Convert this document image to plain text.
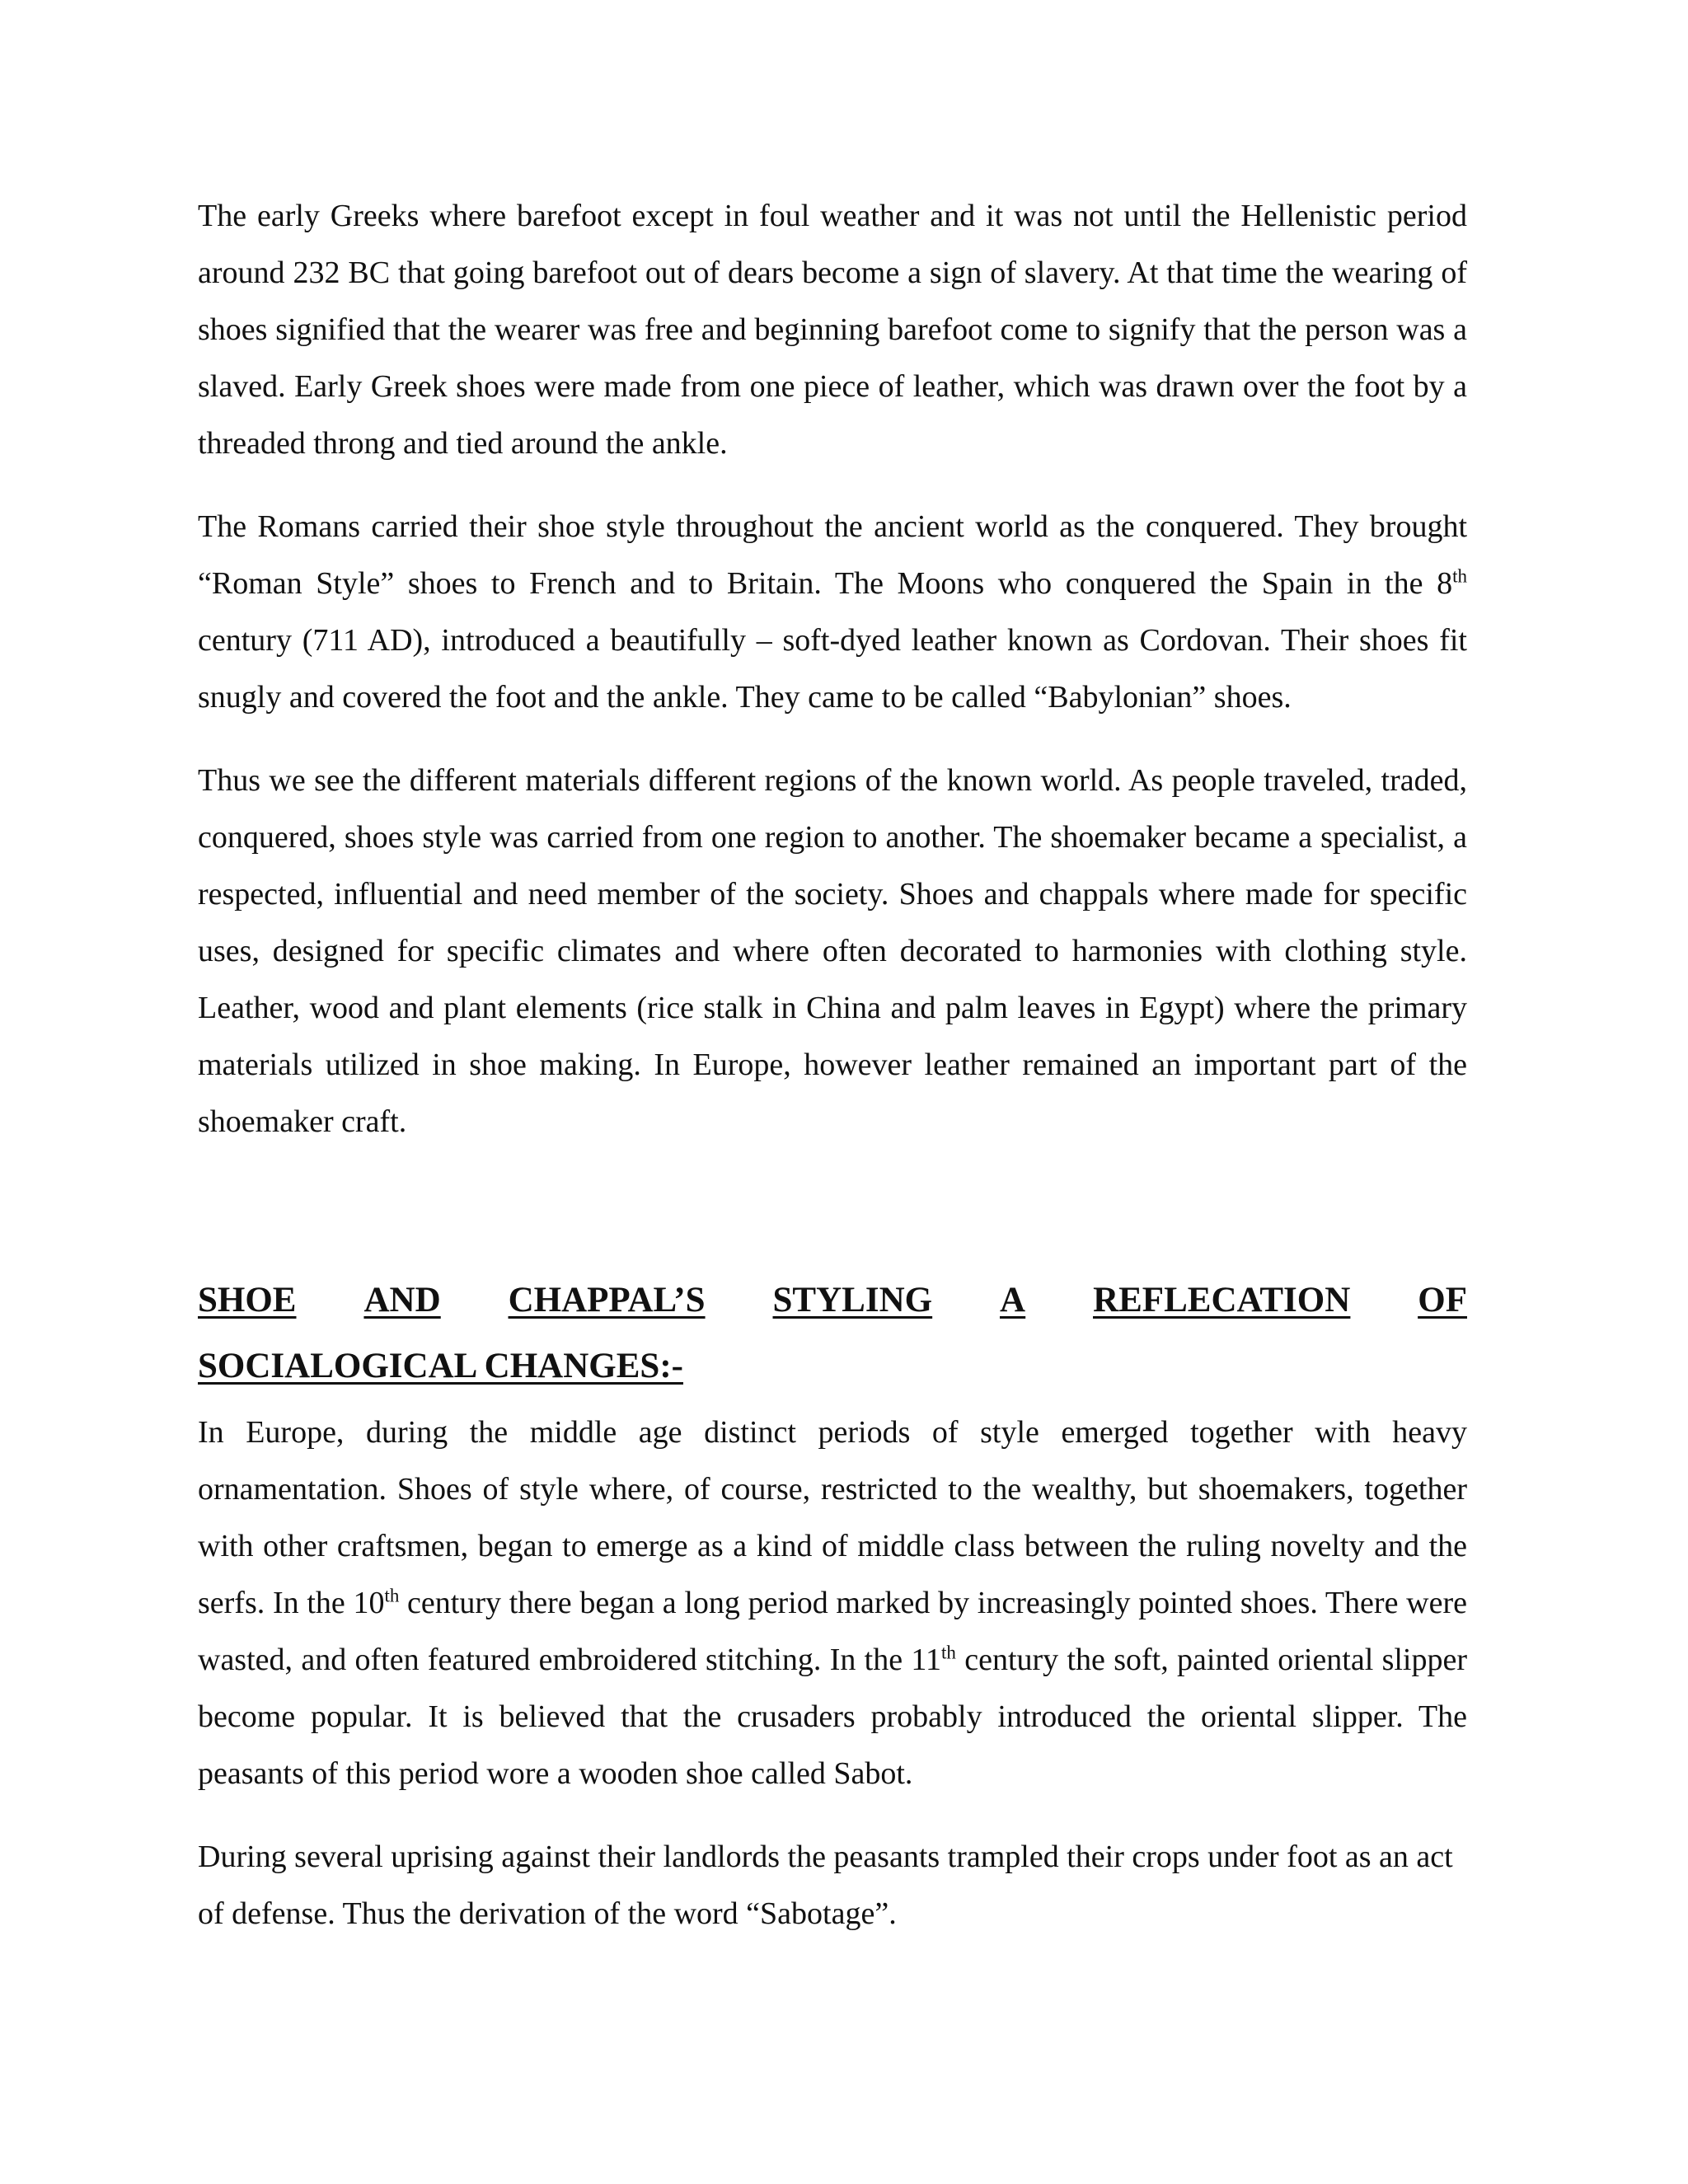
The early Greeks where barefoot except in foul weather and it was not until the Hellenistic period around 232 BC that going barefoot out of dears become a sign of slavery. At that time the wearing of shoes signified that the wearer was free and beginning barefoot come to signify that the person was a slaved. Early Greek shoes were made from one piece of leather, which was drawn over the foot by a threaded throng and tied around the ankle.

The Romans carried their shoe style throughout the ancient world as the conquered. They brought “Roman Style” shoes to French and to Britain. The Moons who conquered the Spain in the 8th century (711 AD), introduced a beautifully – soft-dyed leather known as Cordovan. Their shoes fit snugly and covered the foot and the ankle. They came to be called “Babylonian” shoes.

Thus we see the different materials different regions of the known world. As people traveled, traded, conquered, shoes style was carried from one region to another. The shoemaker became a specialist, a respected, influential and need member of the society. Shoes and chappals where made for specific uses, designed for specific climates and where often decorated to harmonies with clothing style. Leather, wood and plant elements (rice stalk in China and palm leaves in Egypt) where the primary materials utilized in shoe making. In Europe, however leather remained an important part of the shoemaker craft.

SHOE AND CHAPPAL’S STYLING A REFLECATION OF
SOCIALOGICAL CHANGES:-

In Europe, during the middle age distinct periods of style emerged together with heavy ornamentation. Shoes of style where, of course, restricted to the wealthy, but shoemakers, together with other craftsmen, began to emerge as a kind of middle class between the ruling novelty and the serfs. In the 10th century there began a long period marked by increasingly pointed shoes. There were wasted, and often featured embroidered stitching. In the 11th century the soft, painted oriental slipper become popular. It is believed that the crusaders probably introduced the oriental slipper. The peasants of this period wore a wooden shoe called Sabot.

During several uprising against their landlords the peasants trampled their crops under foot as an act of defense. Thus the derivation of the word “Sabotage”.
